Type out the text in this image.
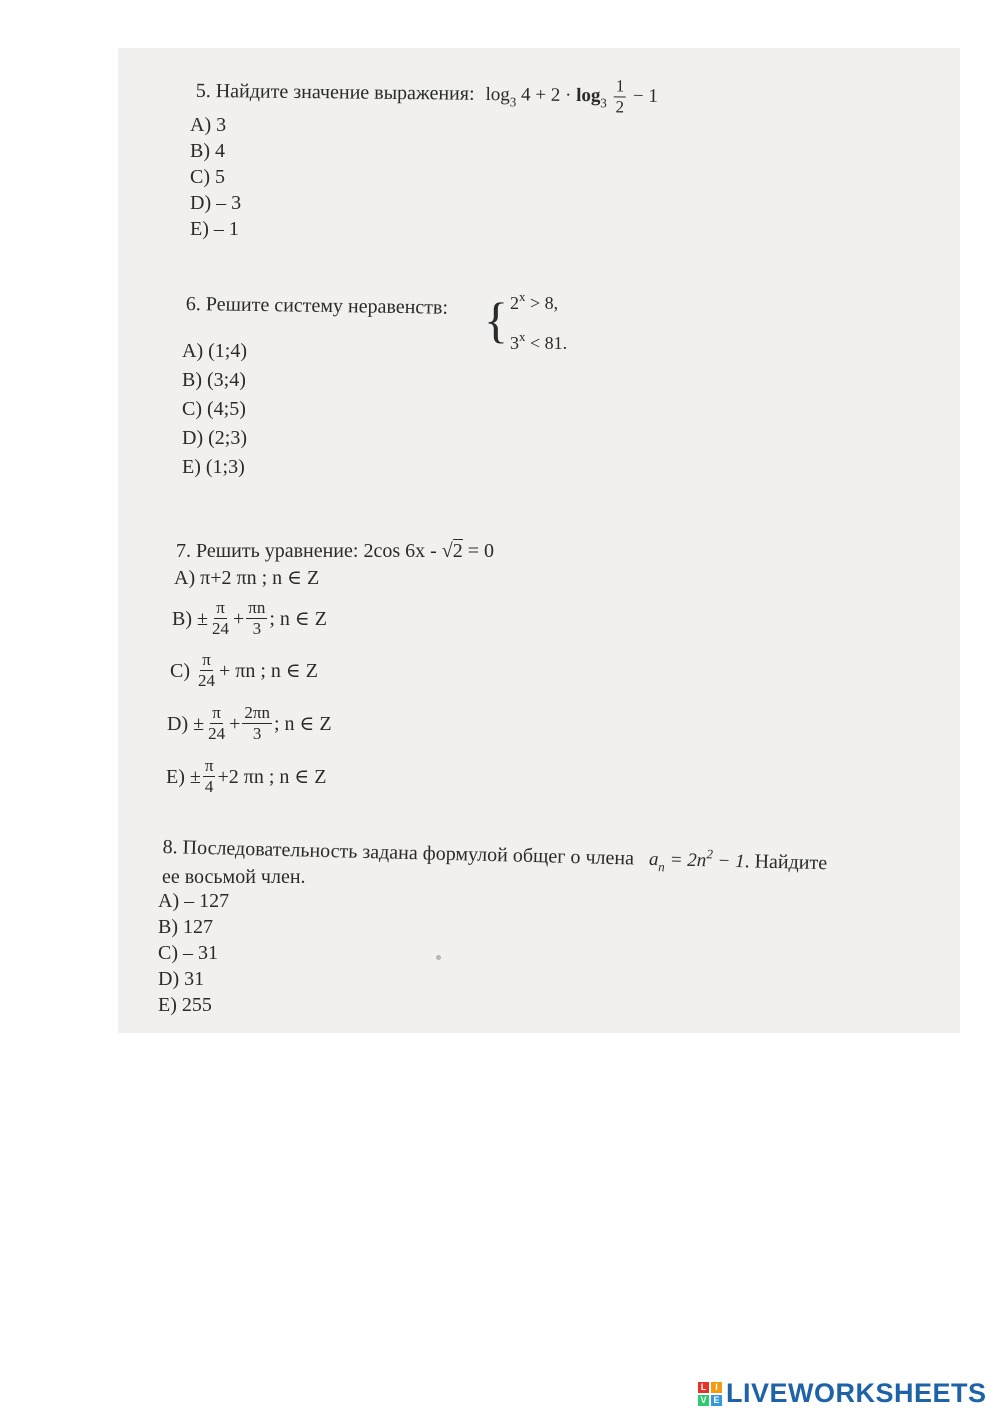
5. Найдите значение выражения: $\log_3 4 + 2 \cdot \log_3 \frac{1}{2} - 1$
A) 3
B) 4
C) 5
D) – 3
E) – 1
6. Решите систему неравенств: { $2^x > 8$,
$3^x < 81$.
A) (1;4)
B) (3;4)
C) (4;5)
D) (2;3)
E) (1;3)
7. Решить уравнение: 2cos 6x - √2 = 0
A) π+2 πn ; n ∈ Z
$B) \pm \frac{\pi}{24} + \frac{\pi n}{3}$ ; n ∈ Z
$C) \frac{\pi}{24} + \pi n$ ; n ∈ Z
$D) \pm \frac{\pi}{24} + \frac{2\pi n}{3}$ ; n ∈ Z
$E) \pm \frac{\pi}{4} +2$ πn ; n ∈ Z
8. Последовательность задана формулой общег о члена $a_n = 2n^2 - 1$. Найдите
ее восьмой член.
A) – 127
B) 127
C) – 31
D) 31
E) 255
L I
V E LIVEWORKSHEETS
